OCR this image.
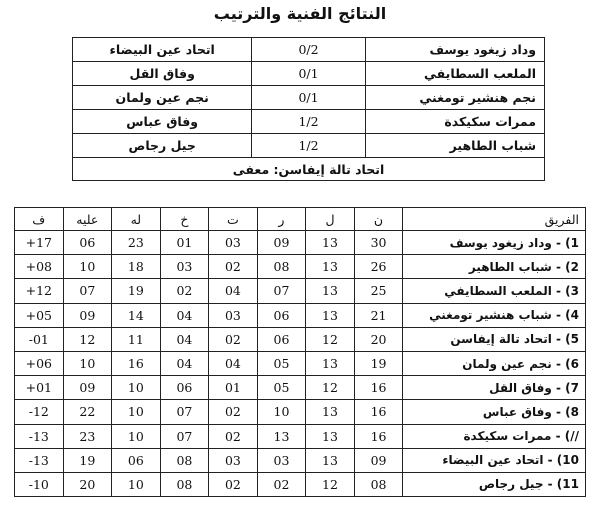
النتائج الفنية والترتيب
وداد زيغود يوسف	0/2	اتحاد عين البيضاء
الملعب السطايفي	0/1	وفاق القل
نجم هنشير تومغني	0/1	نجم عين ولمان
ممرات سكيكدة	1/2	وفاق عباس
شباب الطاهير	1/2	جيل رجاص
اتحاد تالة إيفاسن: معفى		
الفريق	ن	ل	ر	ت	خ	له	عليه	ف
1) - وداد زيغود يوسف	30	13	09	03	01	23	06	17+
2) - شباب الطاهير	26	13	08	02	03	18	10	08+
3) - الملعب السطايفي	25	13	07	04	02	19	07	12+
4) - شباب هنشير تومغني	21	13	06	03	04	14	09	05+
5) - اتحاد تالة إيفاسن	20	12	06	02	04	11	12	01-
6) - نجم عين ولمان	19	13	05	04	04	16	10	06+
7) - وفاق القل	16	12	05	01	06	10	09	01+
8) - وفاق عباس	16	13	10	02	07	10	22	12-
//) - ممرات سكيكدة	16	13	13	02	07	10	23	13-
10) - اتحاد عين البيضاء	09	13	03	03	08	06	19	13-
11) - جيل رجاص	08	12	02	02	08	10	20	10-
